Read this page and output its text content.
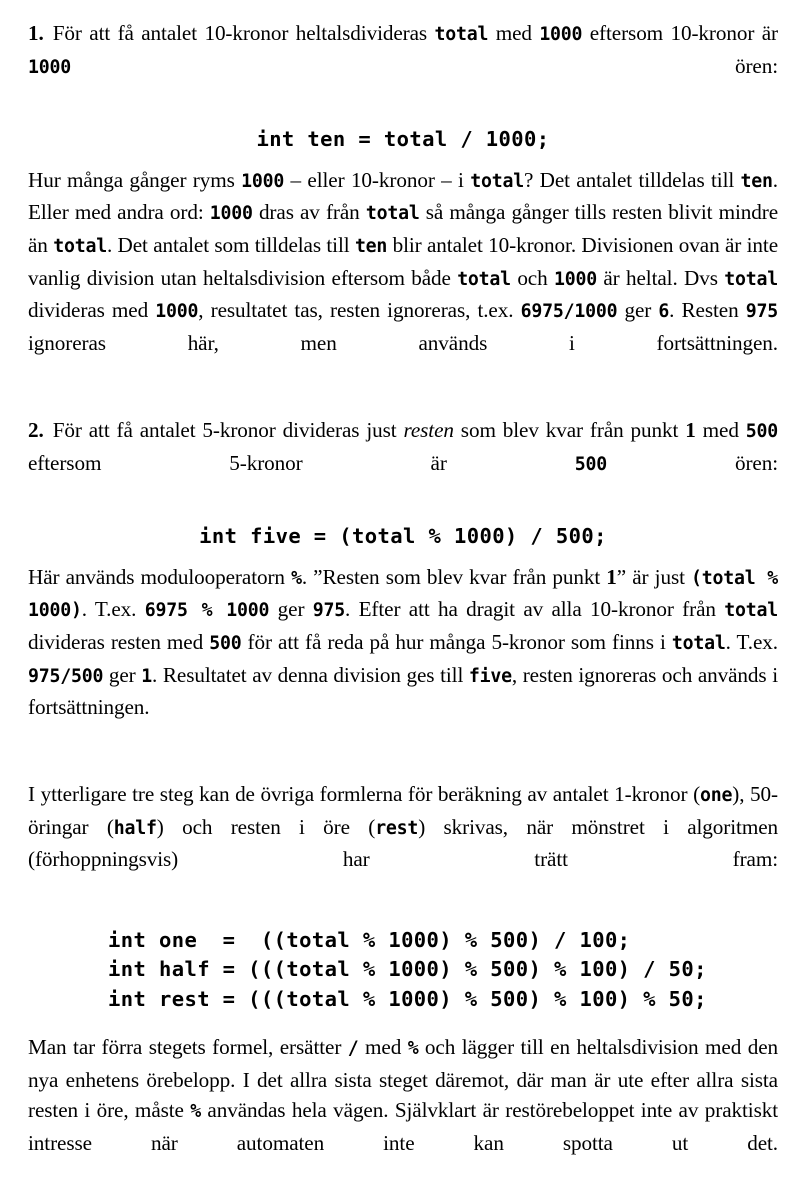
1. För att få antalet 10-kronor heltalsdivideras total med 1000 eftersom 10-kronor är 1000 ören:

int ten = total / 1000;

Hur många gånger ryms 1000 – eller 10-kronor – i total? Det antalet tilldelas till ten. Eller med andra ord: 1000 dras av från total så många gånger tills resten blivit mindre än total. Det antalet som tilldelas till ten blir antalet 10-kronor. Divisionen ovan är inte vanlig division utan heltalsdivision eftersom både total och 1000 är heltal. Dvs total divideras med 1000, resultatet tas, resten ignoreras, t.ex. 6975/1000 ger 6. Resten 975 ignoreras här, men används i fortsättningen.

2. För att få antalet 5-kronor divideras just resten som blev kvar från punkt 1 med 500 eftersom 5-kronor är 500 ören:

int five = (total % 1000) / 500;

Här används modulooperatorn %. ”Resten som blev kvar från punkt 1” är just (total % 1000). T.ex. 6975 % 1000 ger 975. Efter att ha dragit av alla 10-kronor från total divideras resten med 500 för att få reda på hur många 5-kronor som finns i total. T.ex. 975/500 ger 1. Resultatet av denna division ges till five, resten ignoreras och används i fortsättningen.

I ytterligare tre steg kan de övriga formlerna för beräkning av antalet 1-kronor (one), 50-öringar (half) och resten i öre (rest) skrivas, när mönstret i algoritmen (förhoppningsvis) har trätt fram:

int one  =  ((total % 1000) % 500) / 100;
int half = (((total % 1000) % 500) % 100) / 50;
int rest = (((total % 1000) % 500) % 100) % 50;

Man tar förra stegets formel, ersätter / med % och lägger till en heltalsdivision med den nya enhetens örebelopp. I det allra sista steget däremot, där man är ute efter allra sista resten i öre, måste % användas hela vägen. Självklart är restörebeloppet inte av praktiskt intresse när automaten inte kan spotta ut det.
